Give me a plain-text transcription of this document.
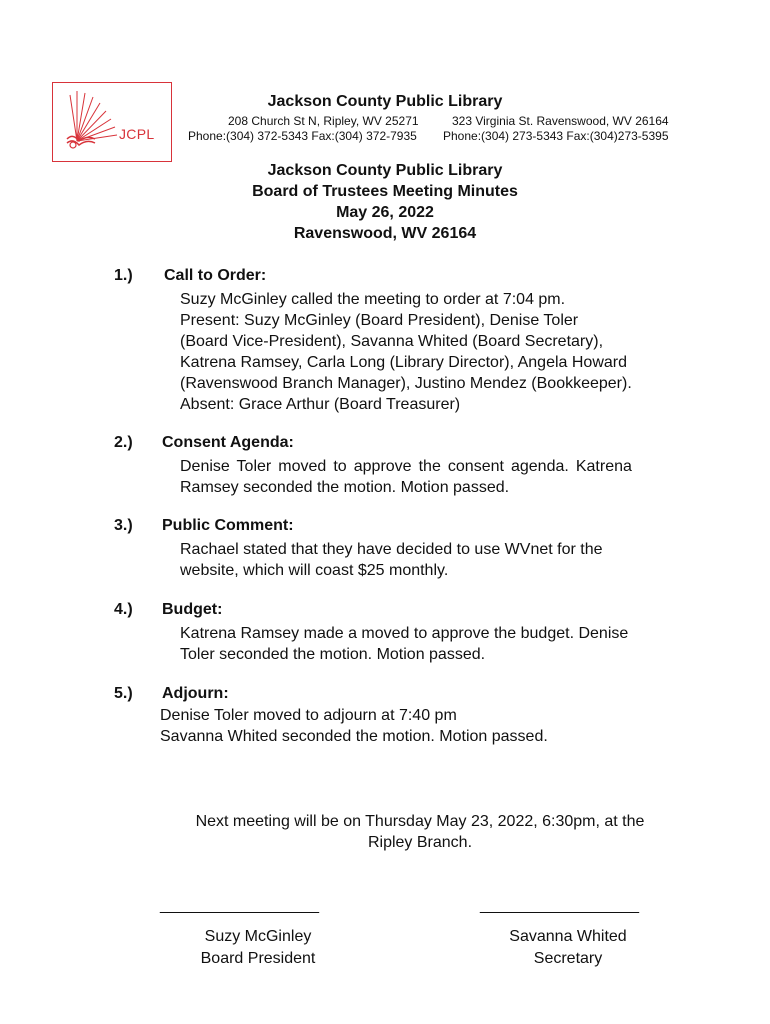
JCPL
Jackson County Public Library
208 Church St N, Ripley, WV 25271
Phone:(304) 372-5343 Fax:(304) 372-7935
323 Virginia St. Ravenswood, WV 26164
Phone:(304) 273-5343 Fax:(304)273-5395
Jackson County Public Library
Board of Trustees Meeting Minutes
May 26, 2022
Ravenswood, WV 26164
1.) Call to Order:
Suzy McGinley called the meeting to order at 7:04 pm.
Present: Suzy McGinley (Board President), Denise Toler
(Board Vice-President), Savanna Whited (Board Secretary),
Katrena Ramsey, Carla Long (Library Director), Angela Howard
(Ravenswood Branch Manager), Justino Mendez (Bookkeeper).
Absent: Grace Arthur (Board Treasurer)
2.) Consent Agenda:
Denise Toler moved to approve the consent agenda. Katrena
Ramsey seconded the motion. Motion passed.
3.) Public Comment:
Rachael stated that they have decided to use WVnet for the
website, which will coast $25 monthly.
4.) Budget:
Katrena Ramsey made a moved to approve the budget. Denise
Toler seconded the motion. Motion passed.
5.) Adjourn:
Denise Toler moved to adjourn at 7:40 pm
Savanna Whited seconded the motion. Motion passed.
Next meeting will be on Thursday May 23, 2022, 6:30pm, at the
Ripley Branch.
____________________	____________________
Suzy McGinley
Board President
Savanna Whited
Secretary
